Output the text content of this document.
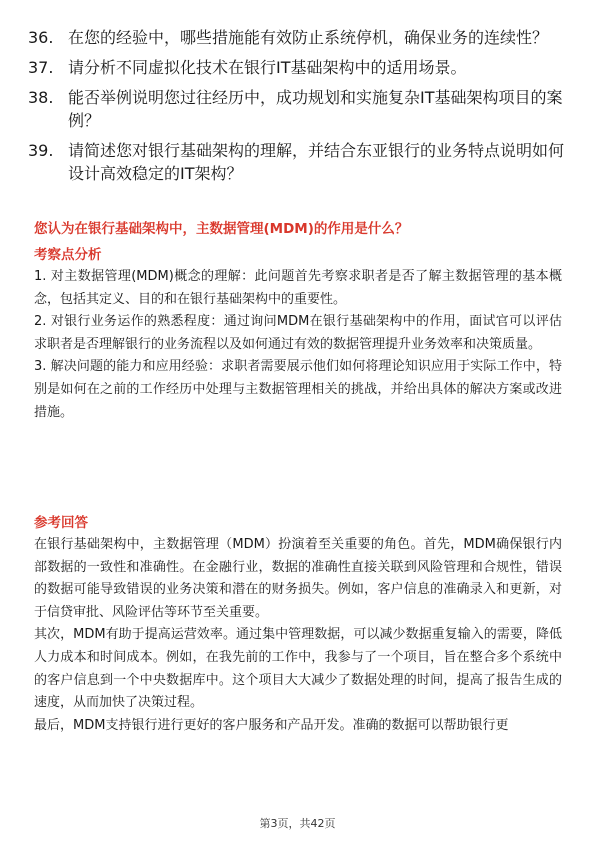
36. 在您的经验中，哪些措施能有效防止系统停机，确保业务的连续性？
37. 请分析不同虚拟化技术在银行IT基础架构中的适用场景。
38. 能否举例说明您过往经历中，成功规划和实施复杂IT基础架构项目的案例？
39. 请简述您对银行基础架构的理解，并结合东亚银行的业务特点说明如何设计高效稳定的IT架构？
您认为在银行基础架构中，主数据管理(MDM)的作用是什么？
考察点分析
1. 对主数据管理(MDM)概念的理解：此问题首先考察求职者是否了解主数据管理的基本概念，包括其定义、目的和在银行基础架构中的重要性。
2. 对银行业务运作的熟悉程度：通过询问MDM在银行基础架构中的作用，面试官可以评估求职者是否理解银行的业务流程以及如何通过有效的数据管理提升业务效率和决策质量。
3. 解决问题的能力和应用经验：求职者需要展示他们如何将理论知识应用于实际工作中，特别是如何在之前的工作经历中处理与主数据管理相关的挑战，并给出具体的解决方案或改进措施。
参考回答
在银行基础架构中，主数据管理（MDM）扮演着至关重要的角色。首先，MDM确保银行内部数据的一致性和准确性。在金融行业，数据的准确性直接关联到风险管理和合规性，错误的数据可能导致错误的业务决策和潜在的财务损失。例如，客户信息的准确录入和更新，对于信贷审批、风险评估等环节至关重要。
其次，MDM有助于提高运营效率。通过集中管理数据，可以减少数据重复输入的需要，降低人力成本和时间成本。例如，在我先前的工作中，我参与了一个项目，旨在整合多个系统中的客户信息到一个中央数据库中。这个项目大大减少了数据处理的时间，提高了报告生成的速度，从而加快了决策过程。
最后，MDM支持银行进行更好的客户服务和产品开发。准确的数据可以帮助银行更
第3页，共42页
